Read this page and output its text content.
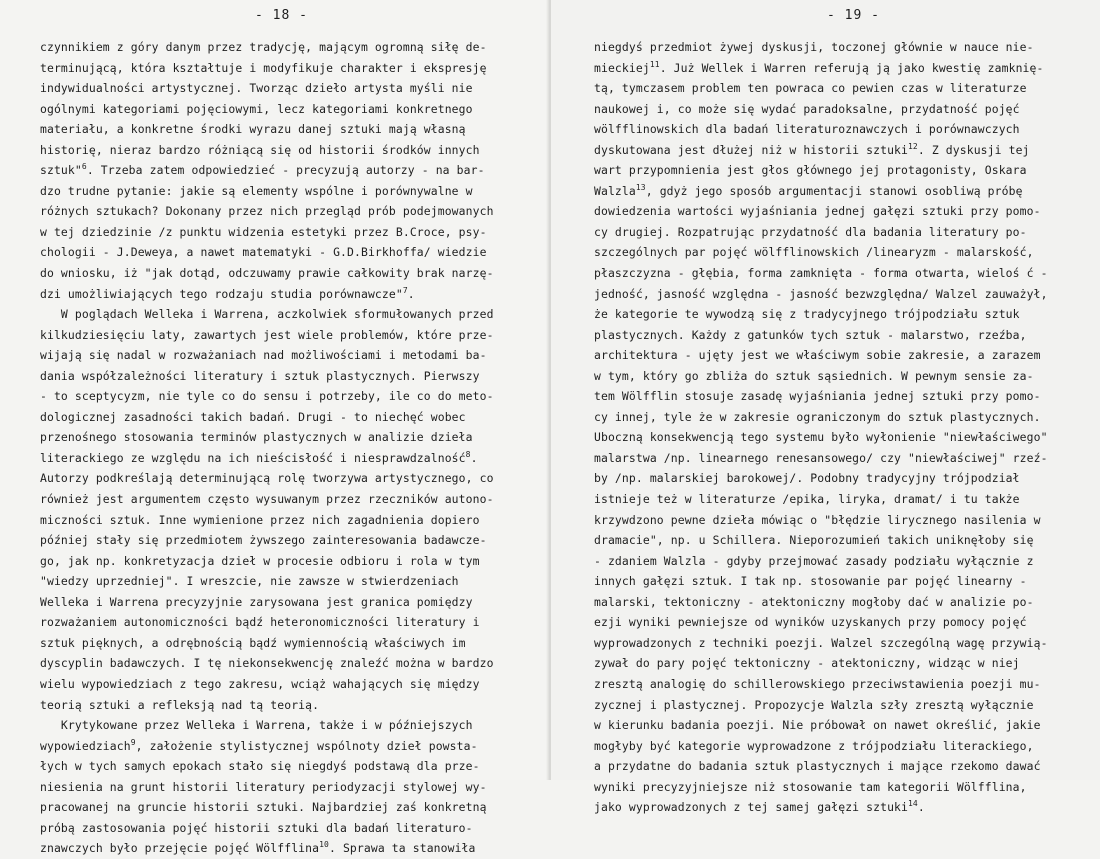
- 18 -
czynnikiem z góry danym przez tradycję, mającym ogromną siłę de-
terminującą, która kształtuje i modyfikuje charakter i ekspresję
indywidualności artystycznej. Tworząc dzieło artysta myśli nie
ogólnymi kategoriami pojęciowymi, lecz kategoriami konkretnego
materiału, a konkretne środki wyrazu danej sztuki mają własną
historię, nieraz bardzo różniącą się od historii środków innych
sztuk"$^6$. Trzeba zatem odpowiedzieć - precyzują autorzy - na bar-
dzo trudne pytanie: jakie są elementy wspólne i porównywalne w
różnych sztukach? Dokonany przez nich przegląd prób podejmowanych
w tej dziedzinie /z punktu widzenia estetyki przez B.Croce, psy-
chologii - J.Deweya, a nawet matematyki - G.D.Birkhoffa/ wiedzie
do wniosku, iż "jak dotąd, odczuwamy prawie całkowity brak narzę-
dzi umożliwiających tego rodzaju studia porównawcze"$^7$.
W poglądach Welleka i Warrena, aczkolwiek sformułowanych przed
kilkudziesięciu laty, zawartych jest wiele problemów, które prze-
wijają się nadal w rozważaniach nad możliwościami i metodami ba-
dania współzależności literatury i sztuk plastycznych. Pierwszy
- to sceptycyzm, nie tyle co do sensu i potrzeby, ile co do meto-
dologicznej zasadności takich badań. Drugi - to niechęć wobec
przenośnego stosowania terminów plastycznych w analizie dzieła
literackiego ze względu na ich nieścisłość i niesprawdzalność$^8$.
Autorzy podkreślają determinującą rolę tworzywa artystycznego, co
również jest argumentem często wysuwanym przez rzeczników autono-
miczności sztuk. Inne wymienione przez nich zagadnienia dopiero
później stały się przedmiotem żywszego zainteresowania badawcze-
go, jak np. konkretyzacja dzieł w procesie odbioru i rola w tym
"wiedzy uprzedniej". I wreszcie, nie zawsze w stwierdzeniach
Welleka i Warrena precyzyjnie zarysowana jest granica pomiędzy
rozważaniem autonomiczności bądź heteronomiczności literatury i
sztuk pięknych, a odrębnością bądź wymiennością właściwych im
dyscyplin badawczych. I tę niekonsekwencję znaleźć można w bardzo
wielu wypowiedziach z tego zakresu, wciąż wahających się między
teorią sztuki a refleksją nad tą teorią.
Krytykowane przez Welleka i Warrena, także i w późniejszych
wypowiedziach$^9$, założenie stylistycznej wspólnoty dzieł powsta-
łych w tych samych epokach stało się niegdyś podstawą dla prze-
niesienia na grunt historii literatury periodyzacji stylowej wy-
pracowanej na gruncie historii sztuki. Najbardziej zaś konkretną
próbą zastosowania pojęć historii sztuki dla badań literaturo-
znawczych było przejęcie pojęć Wölfflina$^{10}$. Sprawa ta stanowiła
- 19 -
niegdyś przedmiot żywej dyskusji, toczonej głównie w nauce nie-
mieckiej$^{11}$. Już Wellek i Warren referują ją jako kwestię zamknię-
tą, tymczasem problem ten powraca co pewien czas w literaturze
naukowej i, co może się wydać paradoksalne, przydatność pojęć
wölfflinowskich dla badań literaturoznawczych i porównawczych
dyskutowana jest dłużej niż w historii sztuki$^{12}$. Z dyskusji tej
wart przypomnienia jest głos głównego jej protagonisty, Oskara
Walzla$^{13}$, gdyż jego sposób argumentacji stanowi osobliwą próbę
dowiedzenia wartości wyjaśniania jednej gałęzi sztuki przy pomo-
cy drugiej. Rozpatrując przydatność dla badania literatury po-
szczególnych par pojęć wölfflinowskich /linearyzm - malarskość,
płaszczyzna - głębia, forma zamknięta - forma otwarta, wieloś ć -
jedność, jasność względna - jasność bezwzględna/ Walzel zauważył,
że kategorie te wywodzą się z tradycyjnego trójpodziału sztuk
plastycznych. Każdy z gatunków tych sztuk - malarstwo, rzeźba,
architektura - ujęty jest we właściwym sobie zakresie, a zarazem
w tym, który go zbliża do sztuk sąsiednich. W pewnym sensie za-
tem Wölfflin stosuje zasadę wyjaśniania jednej sztuki przy pomo-
cy innej, tyle że w zakresie ograniczonym do sztuk plastycznych.
Uboczną konsekwencją tego systemu było wyłonienie "niewłaściwego"
malarstwa /np. linearnego renesansowego/ czy "niewłaściwej" rzeź-
by /np. malarskiej barokowej/. Podobny tradycyjny trójpodział
istnieje też w literaturze /epika, liryka, dramat/ i tu także
krzywdzono pewne dzieła mówiąc o "błędzie lirycznego nasilenia w
dramacie", np. u Schillera. Nieporozumień takich uniknęłoby się
- zdaniem Walzla - gdyby przejmować zasady podziału wyłącznie z
innych gałęzi sztuk. I tak np. stosowanie par pojęć linearny -
malarski, tektoniczny - atektoniczny mogłoby dać w analizie po-
ezji wyniki pewniejsze od wyników uzyskanych przy pomocy pojęć
wyprowadzonych z techniki poezji. Walzel szczególną wagę przywią-
zywał do pary pojęć tektoniczny - atektoniczny, widząc w niej
zresztą analogię do schillerowskiego przeciwstawienia poezji mu-
zycznej i plastycznej. Propozycje Walzla szły zresztą wyłącznie
w kierunku badania poezji. Nie próbował on nawet określić, jakie
mogłyby być kategorie wyprowadzone z trójpodziału literackiego,
a przydatne do badania sztuk plastycznych i mające rzekomo dawać
wyniki precyzyjniejsze niż stosowanie tam kategorii Wölfflina,
jako wyprowadzonych z tej samej gałęzi sztuki$^{14}$.
